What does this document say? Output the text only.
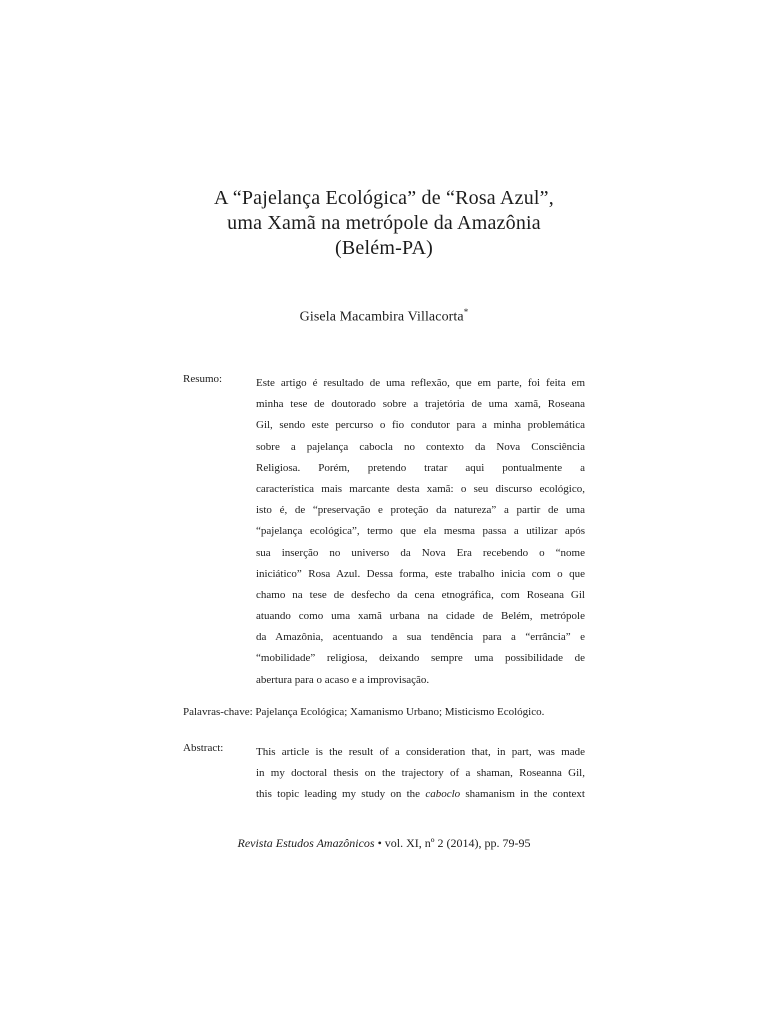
A “Pajelança Ecológica” de “Rosa Azul”,
uma Xamã na metrópole da Amazônia
(Belém-PA)
Gisela Macambira Villacorta*
Resumo:	Este artigo é resultado de uma reflexão, que em parte, foi feita em
minha tese de doutorado sobre a trajetória de uma xamã, Roseana
Gil, sendo este percurso o fio condutor para a minha problemática
sobre a pajelança cabocla no contexto da Nova Consciência
Religiosa. Porém, pretendo tratar aqui pontualmente a
característica mais marcante desta xamã: o seu discurso ecológico,
isto é, de “preservação e proteção da natureza” a partir de uma
“pajelança ecológica”, termo que ela mesma passa a utilizar após
sua inserção no universo da Nova Era recebendo o “nome
iniciático” Rosa Azul. Dessa forma, este trabalho inicia com o que
chamo na tese de desfecho da cena etnográfica, com Roseana Gil
atuando como uma xamã urbana na cidade de Belém, metrópole
da Amazônia, acentuando a sua tendência para a “errância” e
“mobilidade” religiosa, deixando sempre uma possibilidade de
abertura para o acaso e a improvisação.
Palavras-chave: Pajelança Ecológica; Xamanismo Urbano; Misticismo Ecológico.
Abstract:	This article is the result of a consideration that, in part, was made
in my doctoral thesis on the trajectory of a shaman, Roseanna Gil,
this topic leading my study on the caboclo shamanism in the context
Revista Estudos Amazônicos • vol. XI, nº 2 (2014), pp. 79-95
